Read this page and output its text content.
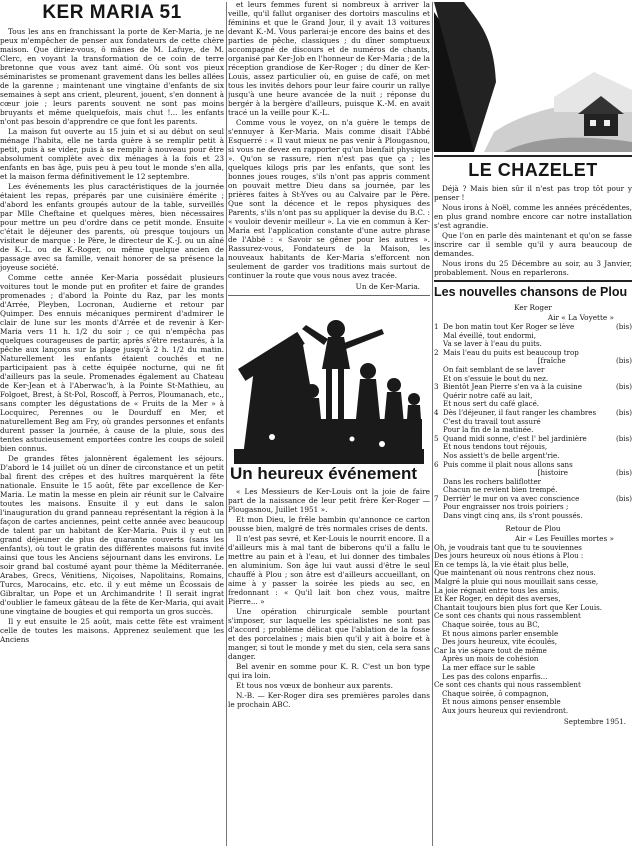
KER MARIA 51

Tous les ans en franchissant la porte de Ker-Maria, je ne peux m'empêcher de penser aux fondateurs de cette chère maison. Que diriez-vous, ô mânes de M. Lafuye, de M. Clerc, en voyant la transformation de ce coin de terre bretonne que vous avez tant aimé. Où sont vos pieux séminaristes se promenant gravement dans les belles allées de la garenne ; maintenant une vingtaine d'enfants de six semaines à sept ans crient, pleurent, jouent, s'en donnent à cœur joie ; leurs parents souvent ne sont pas moins bruyants et même quelquefois, mais chut !... les enfants n'ont pas besoin d'apprendre ce que font les parents.

La maison fut ouverte au 15 juin et si au début on seul ménage l'habita, elle ne tarda guère à se remplir petit à petit, puis à se vider, puis à se remplir à nouveau pour être absolument complète avec dix ménages à la fois et 23 enfants en bas âge, puis peu à peu tout le monde s'en alla, et la maison ferma définitivement le 12 septembre.

Les événements les plus caractéristiques de la journée étaient les repas, préparés par une cuisinière émérite ; d'abord les enfants groupés autour de la table, surveillés par Mlle Cheftaine et quelques mères, bien nécessaires pour mettre un peu d'ordre dans ce petit monde. Ensuite c'était le déjeuner des parents, où presque toujours un visiteur de marque : le Père, le directeur de K.-J. ou un aîné de K.-L. ou de K.-Roger, ou même quelque ancien de passage avec sa famille, venait honorer de sa présence la joyeuse société.

Comme cette année Ker-Maria possédait plusieurs voitures tout le monde put en profiter et faire de grandes promenades ; d'abord la Pointe du Raz, par les monts d'Arrée, Pleyben, Locronan, Audierne et retour par Quimper. Des ennuis mécaniques permirent d'admirer le clair de lune sur les monts d'Arrée et de revenir à Ker-Maria vers 11 h. 1/2 du soir ; ce qui n'empêcha pas quelques courageuses de partir, après s'être restaurés, à la pêche aux lançons sur la plage jusqu'à 2 h. 1/2 du matin. Naturellement les enfants étaient couchés et ne participaient pas à cette équipée nocturne, qui ne fit d'ailleurs pas la seule. Promenades également au Chateau de Ker-Jean et à l'Aberwac'h, à la Pointe St-Mathieu, au Folgoet, Brest, à St-Pol, Roscoff, à Perros, Ploumanach, etc., sans compter les dégustations de « Fruits de la Mer » à Locquirec, Perennes ou le Dourduff en Mer, et naturellement Beg am Fry, où grandes personnes et enfants durent passer la journée, à cause de la pluie, sous des tentes astucieusement emportées contre les coups de soleil bien connus.

De grandes fêtes jalonnèrent également les séjours. D'abord le 14 juillet où un dîner de circonstance et un petit bal firent des crêpes et des huîtres marquèrent la fête nationale. Ensuite le 15 août, fête par excellence de Ker-Maria. Le matin la messe en plein air réunit sur le Calvaire toutes les maisons. Ensuite il y eut dans le salon l'inauguration du grand panneau représentant la région à la façon de cartes anciennes, peint cette année avec beaucoup de talent par un habitant de Ker-Maria. Puis il y eut un grand déjeuner de plus de quarante couverts (sans les enfants), où tout le gratin des différentes maisons fut invité ainsi que tous les Anciens séjournant dans les environs. Le soir grand bal costumé ayant pour thème la Méditerranée. Arabes, Grecs, Vénitiens, Niçoises, Napolitains, Romains, Turcs, Marocains, etc. etc. il y eut même un Écossais de Gibraltar, un Pope et un Archimandrite ! Il serait ingrat d'oublier le fameux gâteau de la fête de Ker-Maria, qui avait une vingtaine de bougies et qui remporta un gros succès.

Il y eut ensuite le 25 août, mais cette fête est vraiment celle de toutes les maisons. Apprenez seulement que les Anciens

et leurs femmes furent si nombreux à arriver la veille, qu'il fallut organiser des dortoirs masculins et féminins et que le Grand Jour, il y avait 13 voitures devant K.-M. Vous parlerai-je encore des bains et des parties de pêche, classiques ; du dîner somptueux accompagné de discours et de numéros de chants, organisé par Ker-Job en l'honneur de Ker-Maria ; de la réception grandiose de Ker-Roger ; du dîner de Ker-Louis, assez particulier où, en guise de café, on met tous les invités dehors pour leur faire courir un rallye jusqu'à une heure avancée de la nuit ; réponse du bergér à la bergère d'ailleurs, puisque K.-M. en avait tracé un la veille pour K.-L.

Comme vous le voyez, on n'a guère le temps de s'ennuyer à Ker-Maria. Mais comme disait l'Abbé Esquerré : « Il vaut mieux ne pas venir à Plougasnou, si vous ne devez en rapporter qu'un bienfait physique ». Qu'on se rassure, rien n'est pas que ça ; les quelques kilogs pris par les enfants, que sont les bonnes joues rouges, s'ils n'ont pas appris comment on pouvait mettre Dieu dans sa journée, par les prières faites à St-Yves ou au Calvaire par le Père. Que sont la décence et le repos physiques des Parents, s'ils n'ont pas su appliquer la devise du B.C. : « vouloir devenir meilleur ». La vie en commun à Ker-Maria est l'application constante d'une autre phrase de l'Abbé : « Savoir se gêner pour les autres ». Rassurez-vous, Fondateurs de la Maison, les nouveaux habitants de Ker-Maria s'efforcent non seulement de garder vos traditions mais surtout de continuer la route que vous nous avez tracée.

Un de Ker-Maria.
Un heureux événement

« Les Messieurs de Ker-Louis ont la joie de faire part de la naissance de leur petit frère Ker-Roger — Plougasnou, Juillet 1951 ».

Et mon Dieu, le frêle bambin qu'annonce ce carton pousse bien, malgré de très normales crises de dents.

Il n'est pas sevré, et Ker-Louis le nourrit encore. Il a d'ailleurs mis à mal tant de biberons qu'il a fallu le mettre au pain et à l'eau, et lui donner des timbales en aluminium. Son âge lui vaut aussi d'être le seul chauffé à Plou ; son âtre est d'ailleurs accueillant, on aime à y passer la soirée les pieds au sec, en fredonnant : « Qu'il lait bon chez vous, maître Pierre... »

Une opération chirurgicale semble pourtant s'imposer, sur laquelle les spécialistes ne sont pas d'accord ; problème délicat que l'ablation de la fosse et des porcelaines ; mais bien qu'il y ait à boire et à manger, si tout le monde y met du sien, cela sera sans danger.

Bel avenir en somme pour K. R. C'est un bon type qui ira loin.

Et tous nos vœux de bonheur aux parents.

N.-B. — Ker-Roger dira ses premières paroles dans le prochain ABC.

LE CHAZELET

Déjà ? Mais bien sûr il n'est pas trop tôt pour y penser !

Nous irons à Noël, comme les années précédentes, en plus grand nombre encore car notre installation s'est agrandie.

Que l'on en parle dès maintenant et qu'on se fasse inscrire car il semble qu'il y aura beaucoup de demandes.

Nous irons du 25 Décembre au soir, au 3 Janvier, probablement. Nous en reparlerons.

Les nouvelles chansons de Plou
Ker Roger
Air « La Voyette »
1  De bon matin tout Ker Roger se lève	(bis)
Mal éveillé, tout endormi,
Va se laver à l'eau du puits.
2  Mais l'eau du puits est beaucoup trop
[fraîche	(bis)
On fait semblant de se laver
Et on s'essuie le bout du nez.
3  Bientôt Jean Pierre s'en va à la cuisine	(bis)
Quérir notre café au lait,
Et nous sert du café glacé.
4  Dès l'déjeuner, il faut ranger les chambres	(bis)
C'est du travail tout assuré
Pour la fin de la matinée.
5  Quand midi sonne, c'est l' bel jardinière	(bis)
Et nous tendons tout réjouis,
Nos assiett's de belle argent'rie.
6  Puis comme il plait nous allons sans
[histoire	(bis)
Dans les rochers baliflotter
Chacun ne revient bien trempé.
7  Derrièr' le mur on va avec conscience	(bis)
Pour engraisser nos trois poiriers ;
Dans vingt cinq ans, ils s'ront poussés.
Retour de Plou
Air « Les Feuilles mortes »
Oh, je voudrais tant que tu te souviennes
Des jours heureux où nous étions à Plou :
En ce temps là, la vie était plus belle,
Que maintenant où nous rentrons chez nous.
Malgré la pluie qui nous mouillait sans cesse,
La joie régnait entre tous les amis,
Et Ker Roger, en dépit des averses,
Chantait toujours bien plus fort que Ker Louis.
Ce sont ces chants qui nous rassemblent
Chaque soirée, tous au BC,
Et nous aimons parler ensemble
Des jours heureux, vite écoulés,
Car la vie sépare tout de même
Après un mois de cohésion
La mer efface sur le sable
Les pas des colons enparfis...
Ce sont ces chants qui nous rassemblent
Chaque soirée, ô compagnon,
Et nous aimons penser ensemble
Aux jours heureux qui reviendront.
Septembre 1951.
